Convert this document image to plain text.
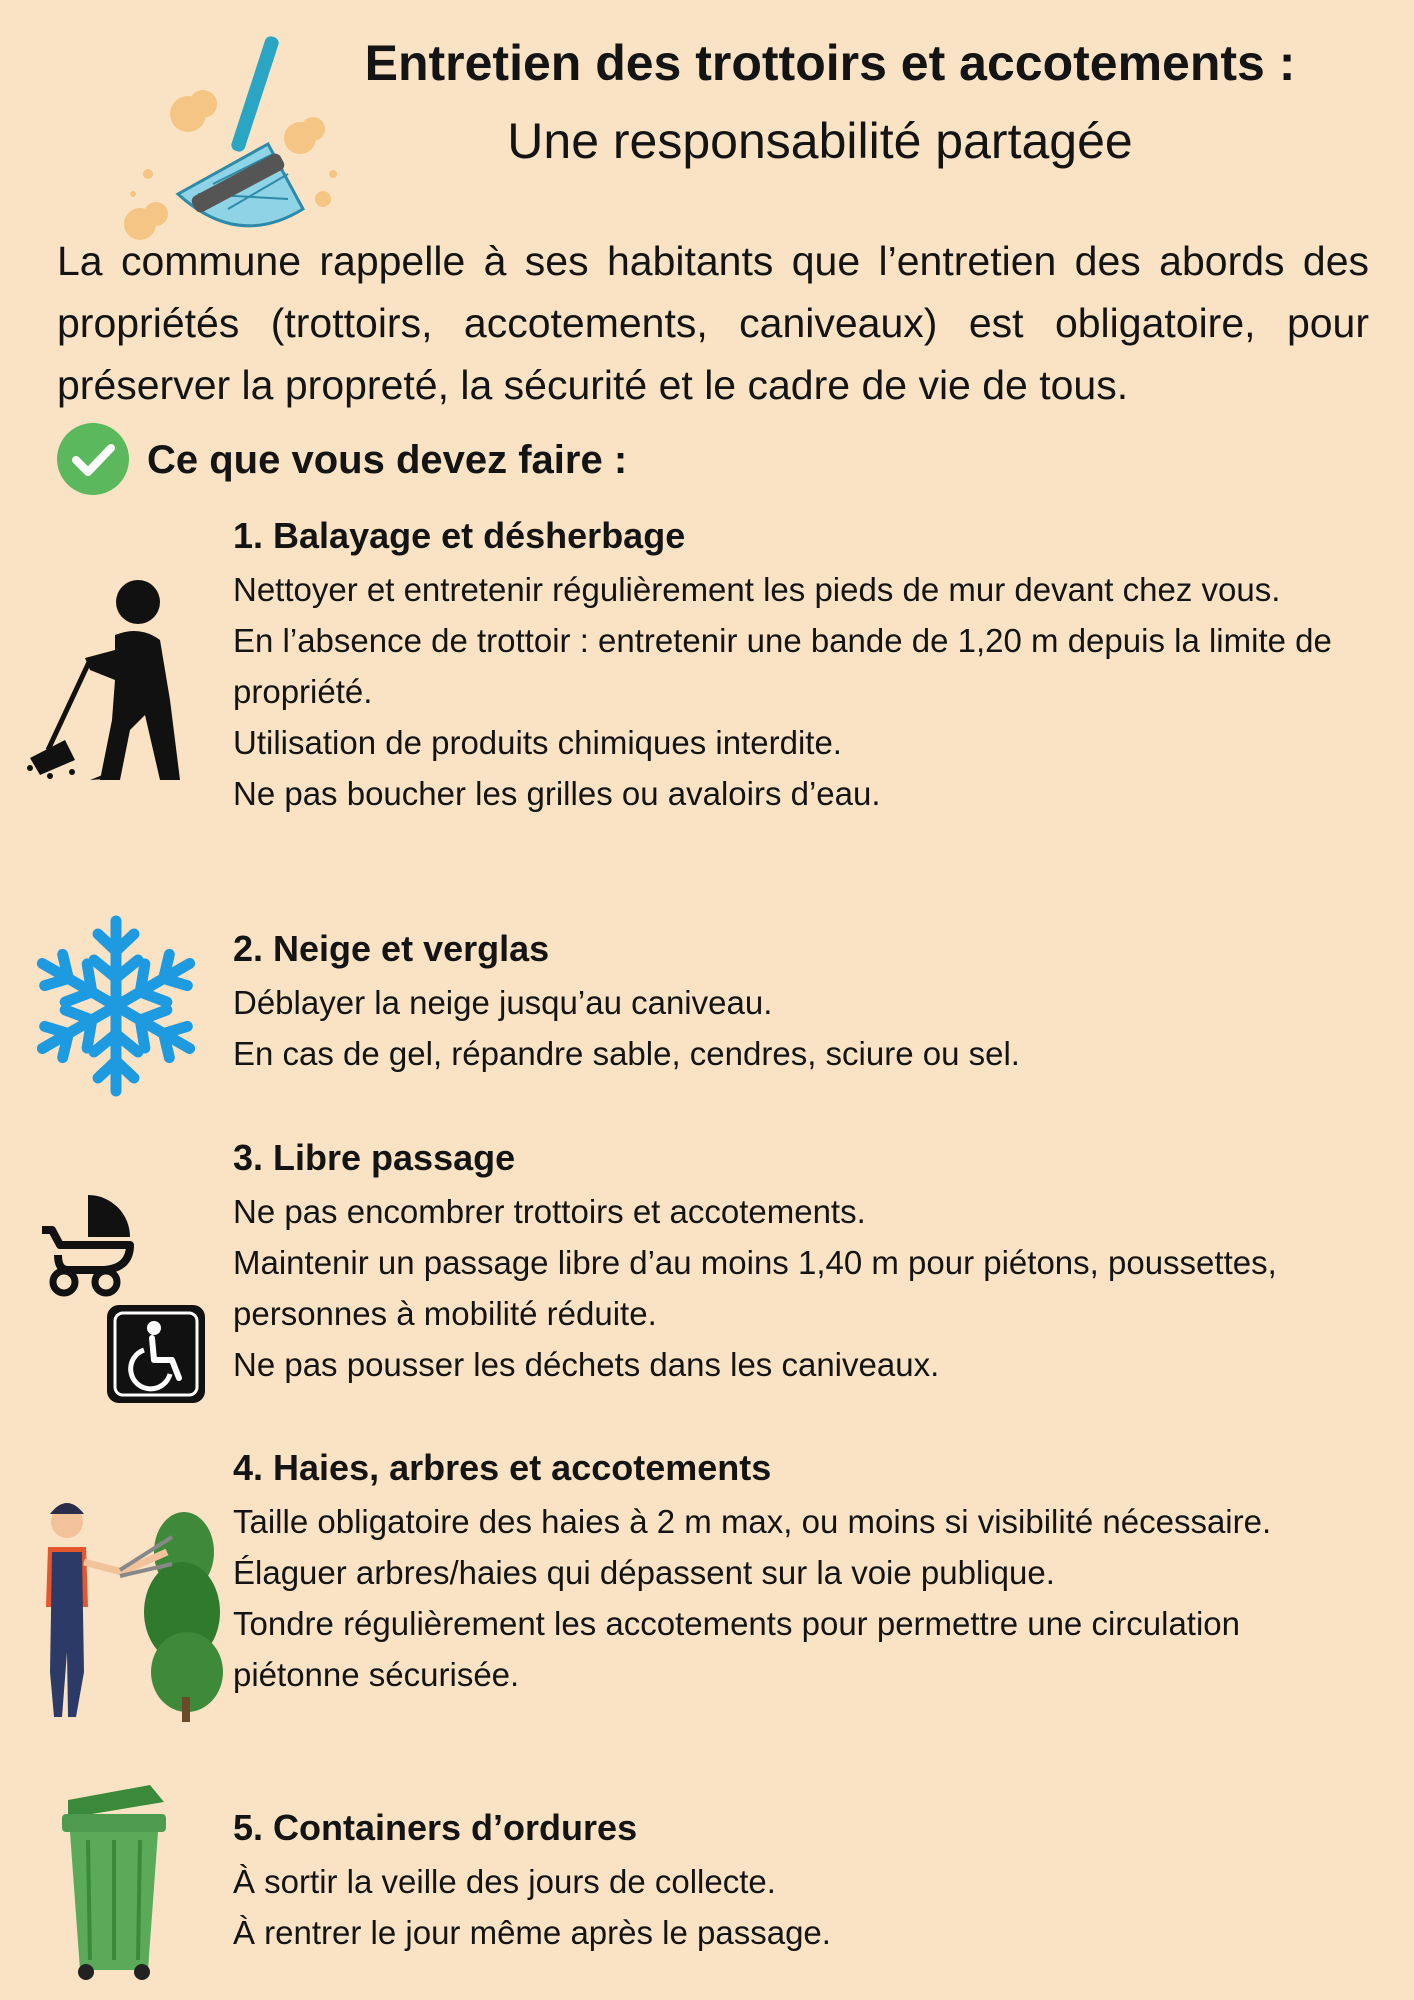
Entretien des trottoirs et accotements :
Une responsabilité partagée

La commune rappelle à ses habitants que l’entretien des abords des propriétés (trottoirs, accotements, caniveaux) est obligatoire, pour préserver la propreté, la sécurité et le cadre de vie de tous.

Ce que vous devez faire :
1. Balayage et désherbage

Nettoyer et entretenir régulièrement les pieds de mur devant chez vous.

En l’absence de trottoir : entretenir une bande de 1,20 m depuis la limite de propriété.

Utilisation de produits chimiques interdite.

Ne pas boucher les grilles ou avaloirs d’eau.

2. Neige et verglas

Déblayer la neige jusqu’au caniveau.

En cas de gel, répandre sable, cendres, sciure ou sel.

3. Libre passage

Ne pas encombrer trottoirs et accotements.

Maintenir un passage libre d’au moins 1,40 m pour piétons, poussettes, personnes à mobilité réduite.

Ne pas pousser les déchets dans les caniveaux.

4. Haies, arbres et accotements

Taille obligatoire des haies à 2 m max, ou moins si visibilité nécessaire.

Élaguer arbres/haies qui dépassent sur la voie publique.

Tondre régulièrement les accotements pour permettre une circulation piétonne sécurisée.

5. Containers d’ordures

À sortir la veille des jours de collecte.

À rentrer le jour même après le passage.
